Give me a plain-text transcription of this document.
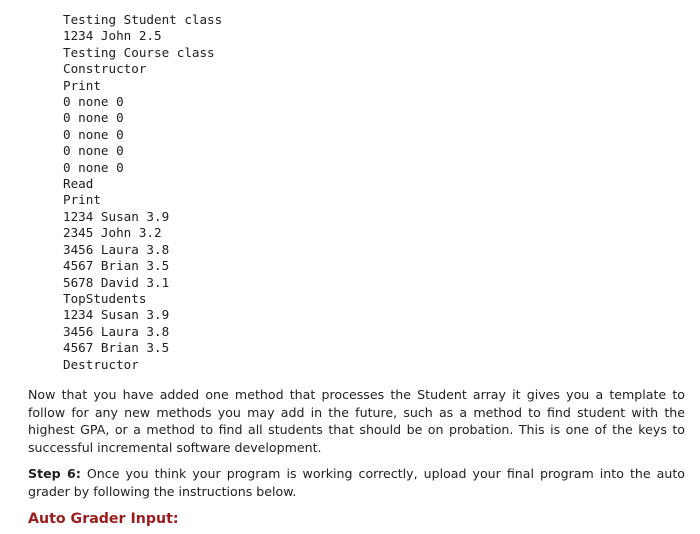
Testing Student class
1234 John 2.5
Testing Course class
Constructor
Print
0 none 0
0 none 0
0 none 0
0 none 0
0 none 0
Read
Print
1234 Susan 3.9
2345 John 3.2
3456 Laura 3.8
4567 Brian 3.5
5678 David 3.1
TopStudents
1234 Susan 3.9
3456 Laura 3.8
4567 Brian 3.5
Destructor

Now that you have added one method that processes the Student array it gives you a template to follow for any new methods you may add in the future, such as a method to find student with the highest GPA, or a method to find all students that should be on probation. This is one of the keys to successful incremental software development.

Step 6: Once you think your program is working correctly, upload your final program into the auto grader by following the instructions below.

Auto Grader Input:
